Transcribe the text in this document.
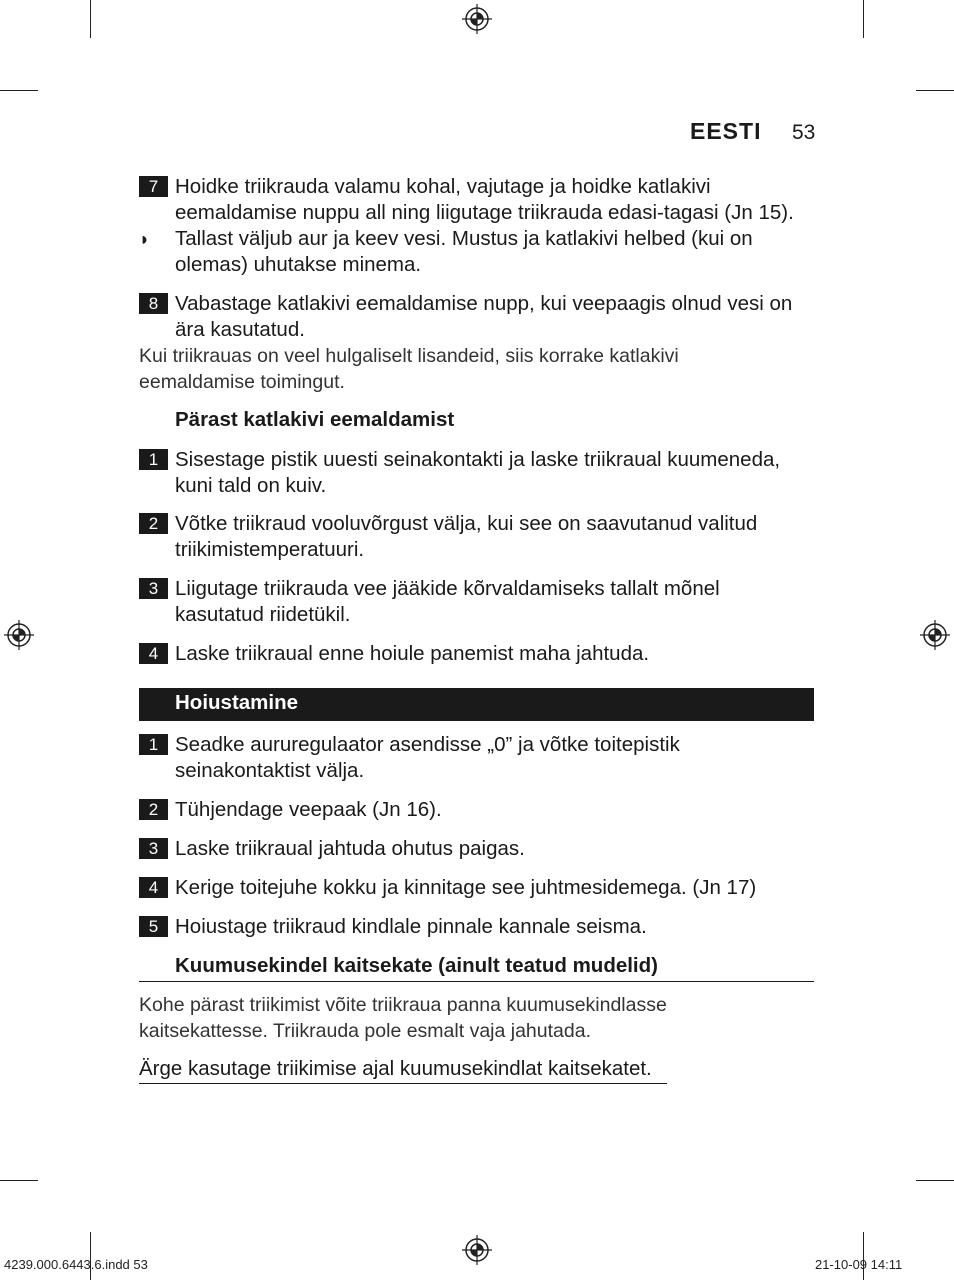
EESTI 53
7 Hoidke triikrauda valamu kohal, vajutage ja hoidke katlakivi
eemaldamise nuppu all ning liigutage triikrauda edasi-tagasi (Jn 15).
◗ Tallast väljub aur ja keev vesi. Mustus ja katlakivi helbed (kui on
olemas) uhutakse minema.
8 Vabastage katlakivi eemaldamise nupp, kui veepaagis olnud vesi on
ära kasutatud.
Kui triikrauas on veel hulgaliselt lisandeid, siis korrake katlakivi
eemaldamise toimingut.
Pärast katlakivi eemaldamist
1 Sisestage pistik uuesti seinakontakti ja laske triikraual kuumeneda,
kuni tald on kuiv.
2 Võtke triikraud vooluvõrgust välja, kui see on saavutanud valitud
triikimistemperatuuri.
3 Liigutage triikrauda vee jääkide kõrvaldamiseks tallalt mõnel
kasutatud riidetükil.
4 Laske triikraual enne hoiule panemist maha jahtuda.
Hoiustamine
1 Seadke aururegulaator asendisse „0” ja võtke toitepistik
seinakontaktist välja.
2 Tühjendage veepaak (Jn 16).
3 Laske triikraual jahtuda ohutus paigas.
4 Kerige toitejuhe kokku ja kinnitage see juhtmesidemega. (Jn 17)
5 Hoiustage triikraud kindlale pinnale kannale seisma.
Kuumusekindel kaitsekate (ainult teatud mudelid)
Kohe pärast triikimist võite triikraua panna kuumusekindlasse
kaitsekattesse. Triikrauda pole esmalt vaja jahutada.
Ärge kasutage triikimise ajal kuumusekindlat kaitsekatet.
4239.000.6443.6.indd 53	21-10-09 14:11
